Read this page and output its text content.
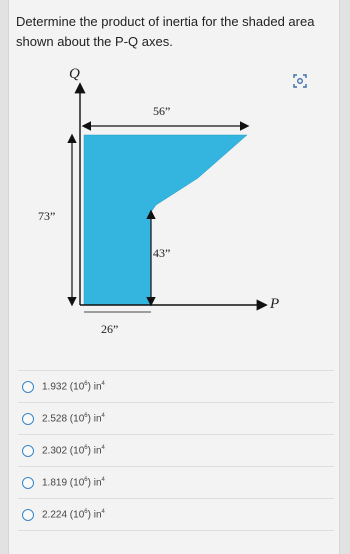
Determine the product of inertia for the shaded area shown about the P-Q axes.
Q
P
56”
73”
43”
26”
1.932 $(10^6)$ $in^4$
2.528 $(10^6)$ $in^4$
2.302 $(10^6)$ $in^4$
1.819 $(10^6)$ $in^4$
2.224 $(10^6)$ $in^4$
